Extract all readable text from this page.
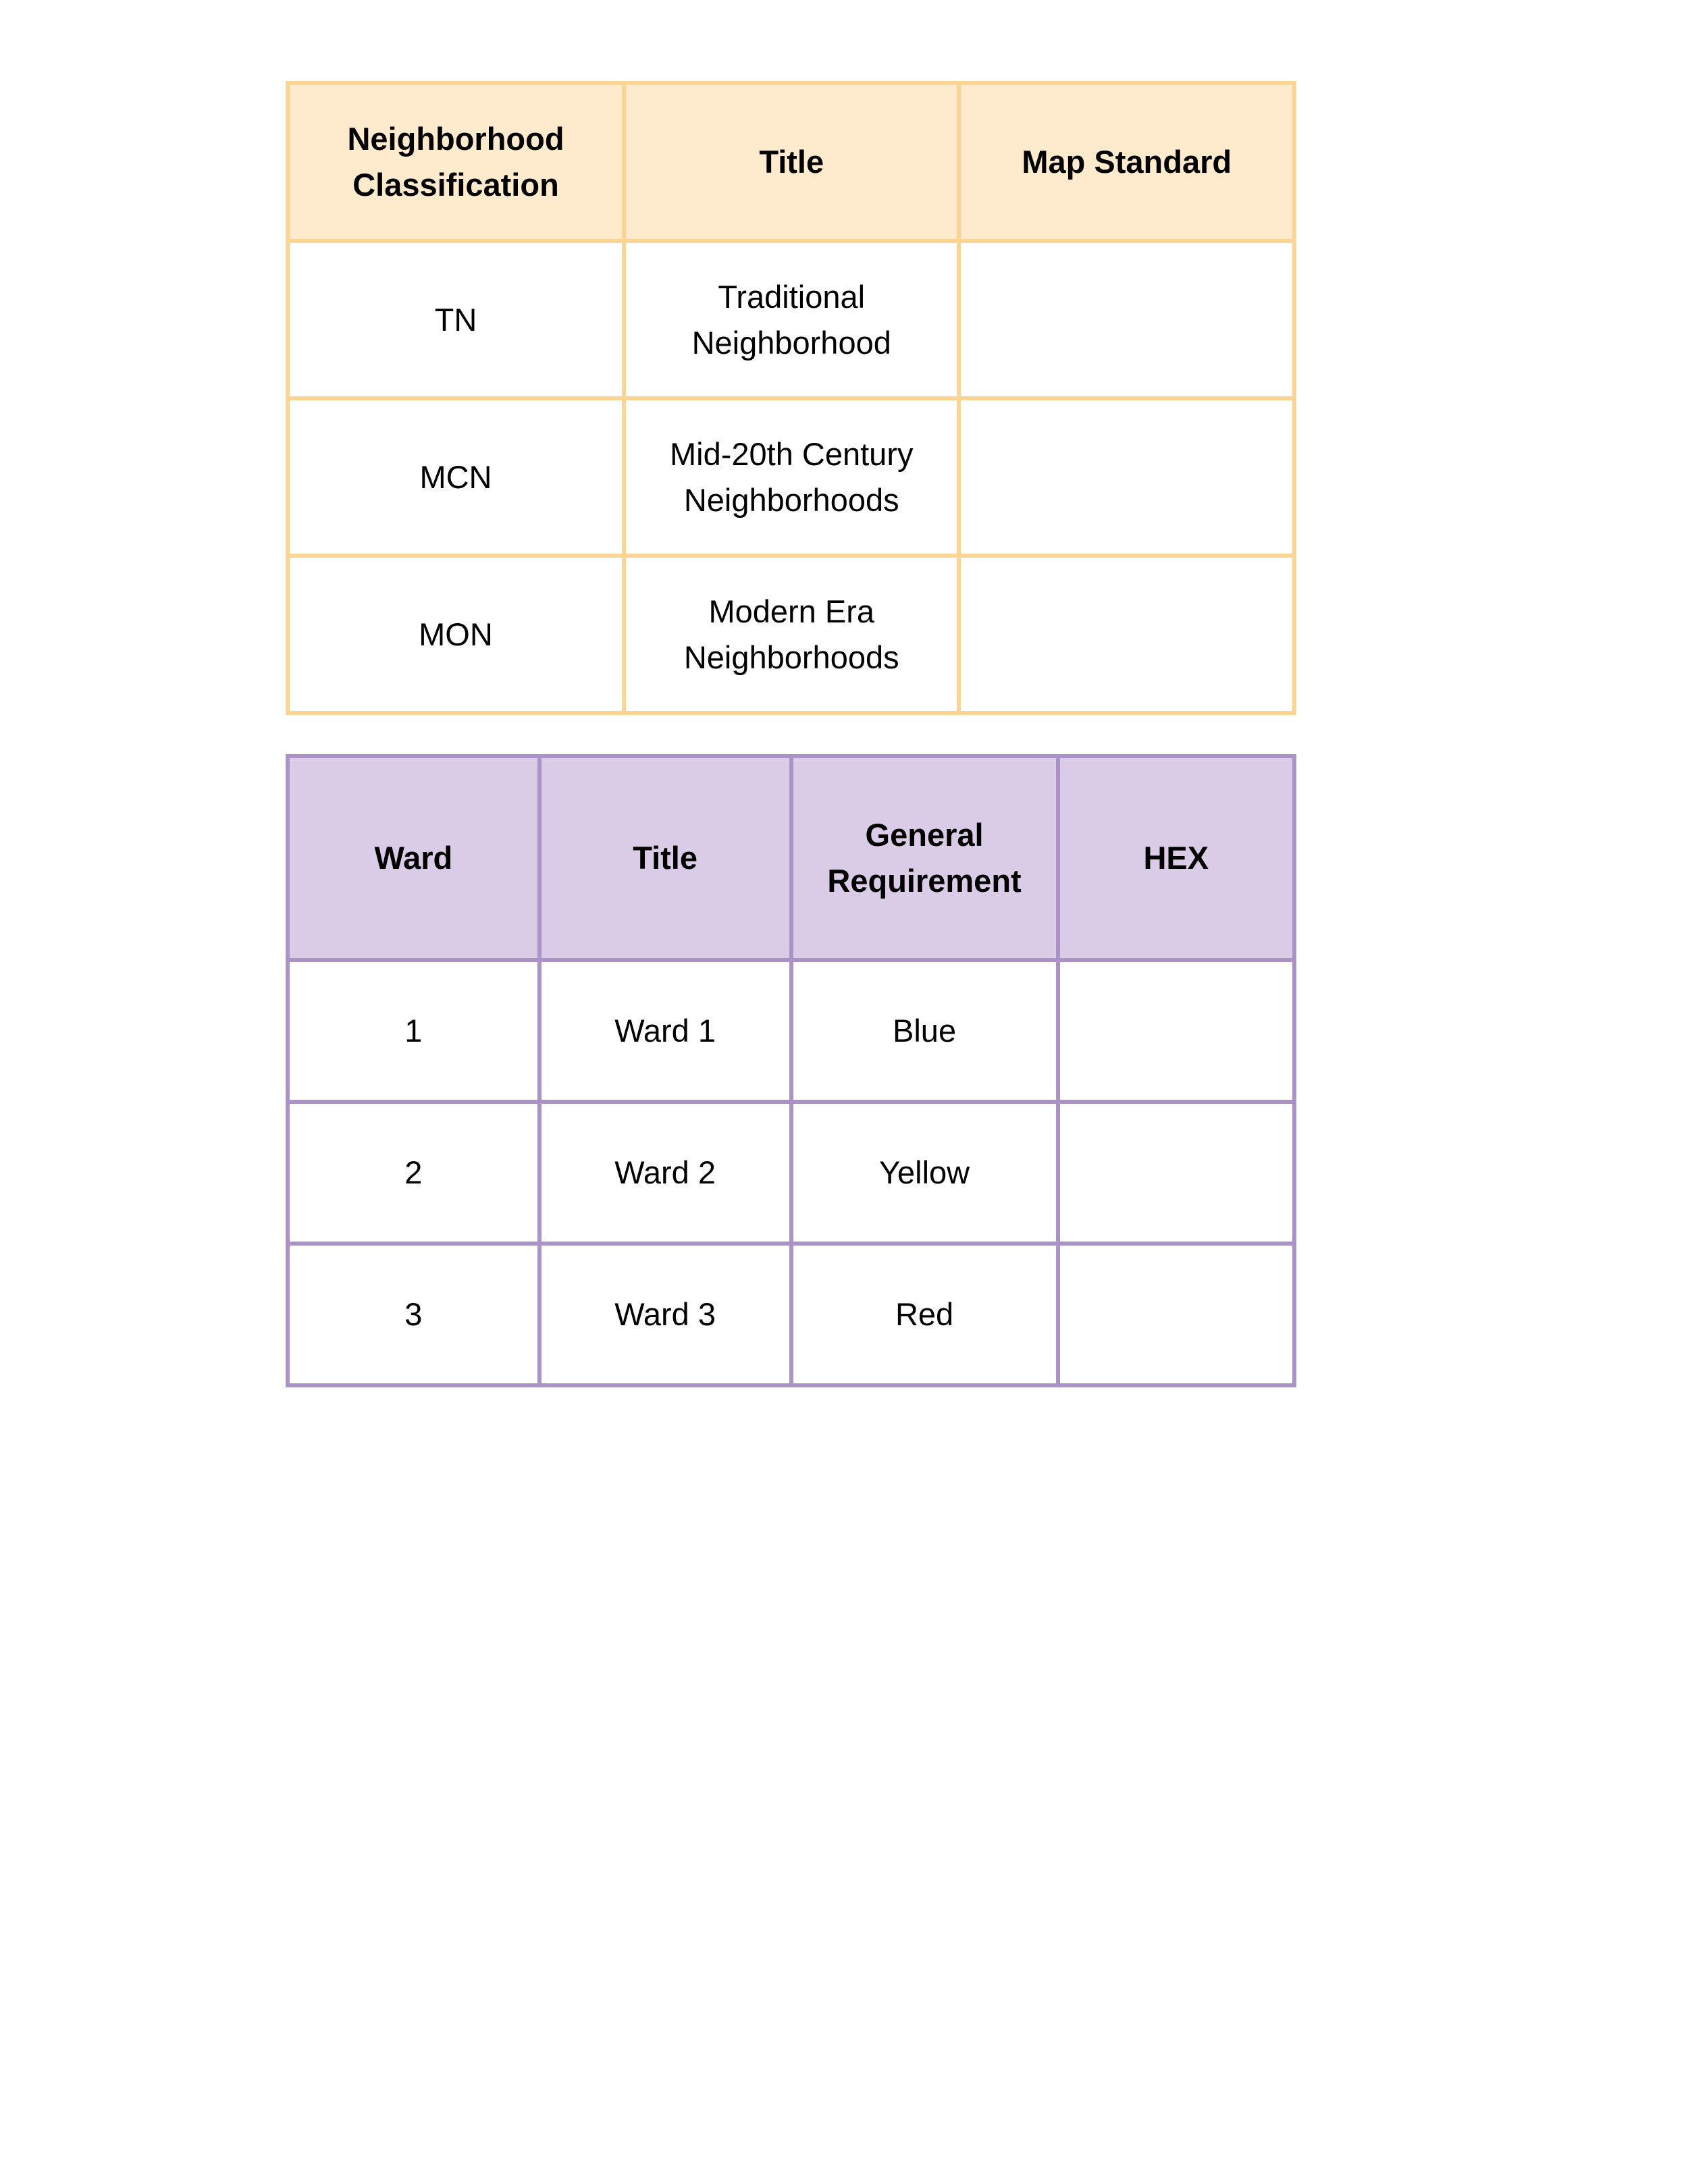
Neighborhood Classification	Title	Map Standard
TN	Traditional Neighborhood	
MCN	Mid-20th Century Neighborhoods	
MON	Modern Era Neighborhoods	
Ward	Title	General Requirement	HEX
1	Ward 1	Blue	
2	Ward 2	Yellow	
3	Ward 3	Red	
